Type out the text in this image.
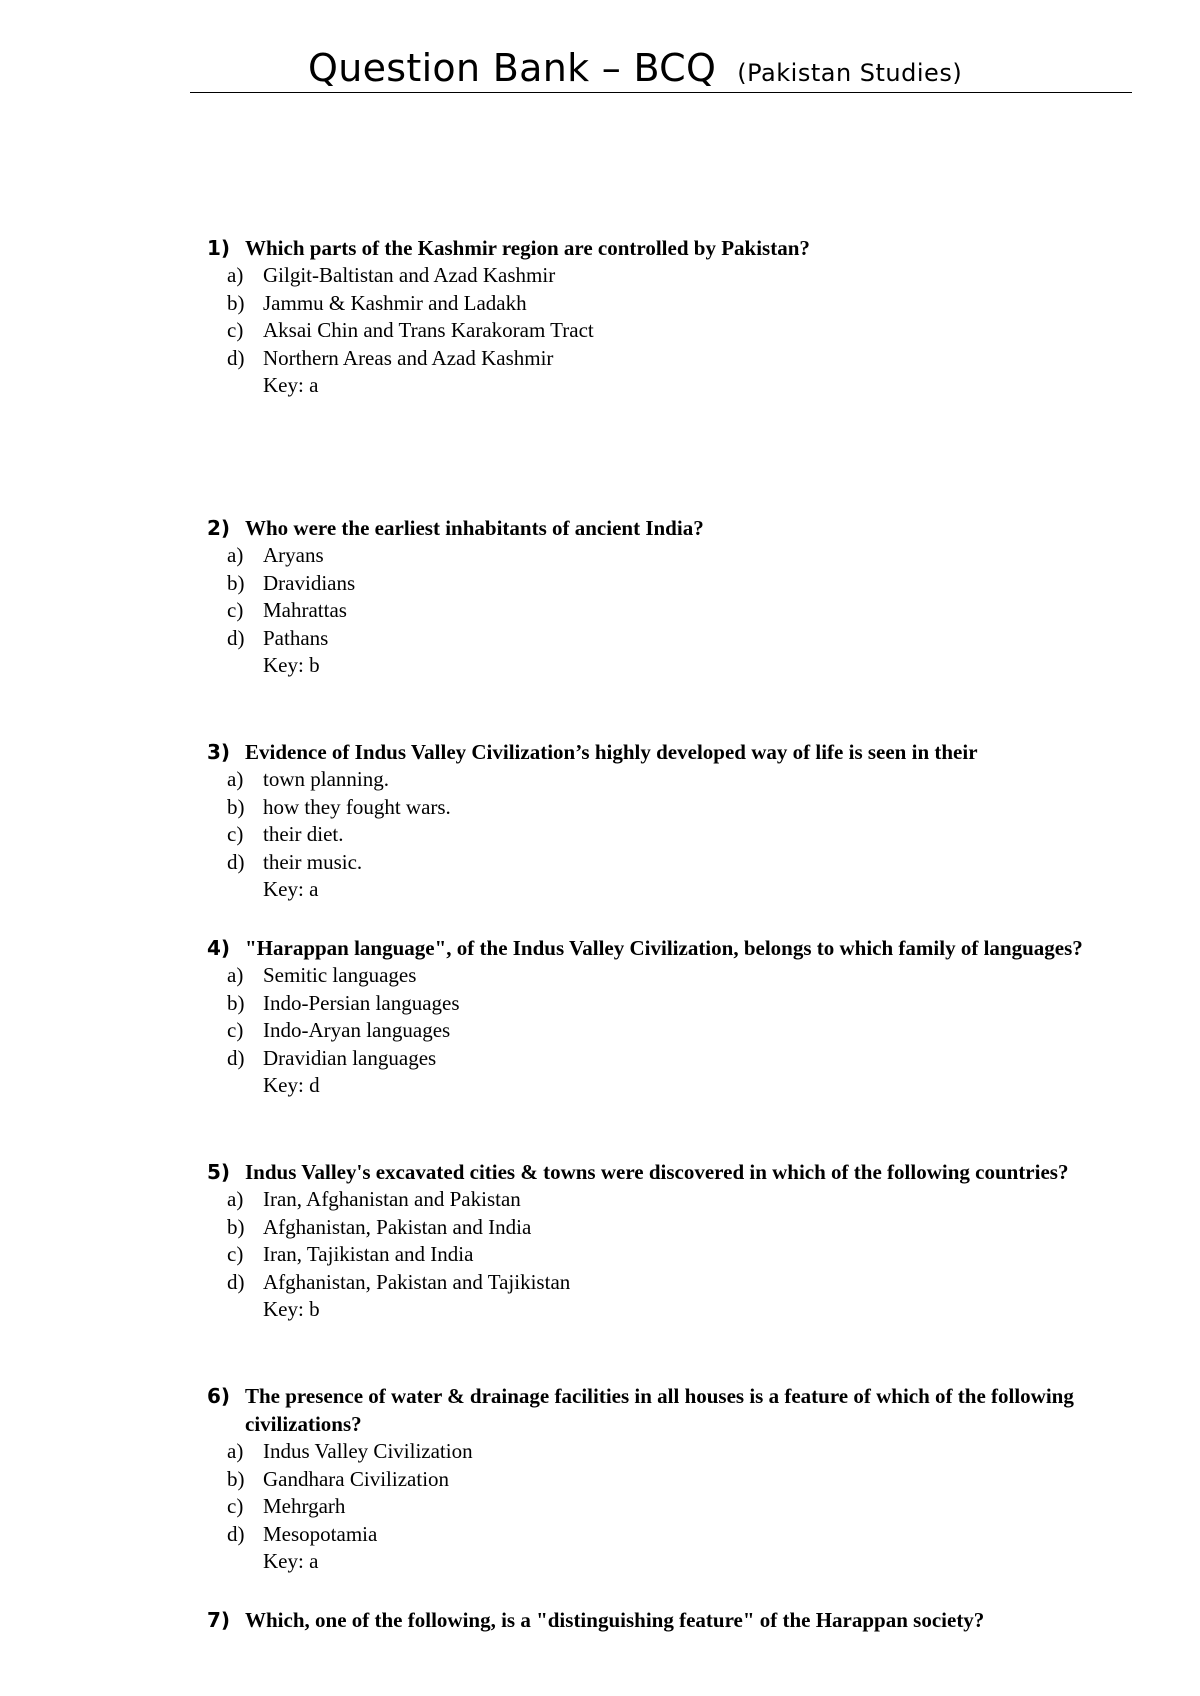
Question Bank – BCQ (Pakistan Studies)
1) Which parts of the Kashmir region are controlled by Pakistan?
a) Gilgit-Baltistan and Azad Kashmir
b) Jammu & Kashmir and Ladakh
c) Aksai Chin and Trans Karakoram Tract
d) Northern Areas and Azad Kashmir
Key: a
2) Who were the earliest inhabitants of ancient India?
a) Aryans
b) Dravidians
c) Mahrattas
d) Pathans
Key: b
3) Evidence of Indus Valley Civilization’s highly developed way of life is seen in their
a) town planning.
b) how they fought wars.
c) their diet.
d) their music.
Key: a
4) "Harappan language", of the Indus Valley Civilization, belongs to which family of languages?
a) Semitic languages
b) Indo-Persian languages
c) Indo-Aryan languages
d) Dravidian languages
Key: d
5) Indus Valley's excavated cities & towns were discovered in which of the following countries?
a) Iran, Afghanistan and Pakistan
b) Afghanistan, Pakistan and India
c) Iran, Tajikistan and India
d) Afghanistan, Pakistan and Tajikistan
Key: b
6) The presence of water & drainage facilities in all houses is a feature of which of the following civilizations?
a) Indus Valley Civilization
b) Gandhara Civilization
c) Mehrgarh
d) Mesopotamia
Key: a
7) Which, one of the following, is a "distinguishing feature" of the Harappan society?
